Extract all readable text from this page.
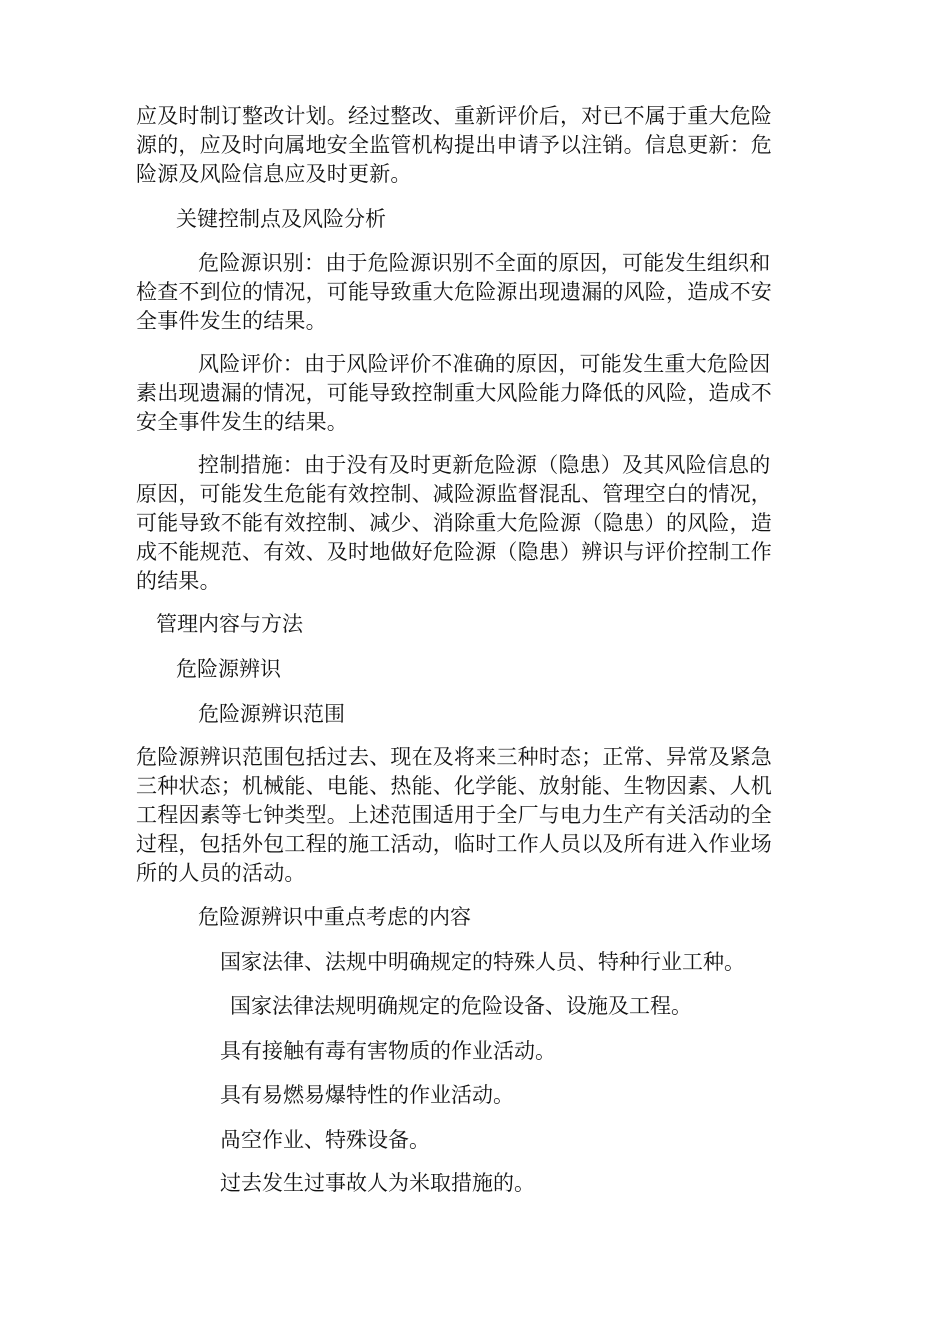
应及时制订整改计划。经过整改、重新评价后，对已不属于重大危险
源的，应及时向属地安全监管机构提出申请予以注销。信息更新：危
险源及风险信息应及时更新。
关键控制点及风险分析
危险源识别：由于危险源识别不全面的原因，可能发生组织和
检查不到位的情况，可能导致重大危险源出现遗漏的风险，造成不安
全事件发生的结果。
风险评价：由于风险评价不准确的原因，可能发生重大危险因
素出现遗漏的情况，可能导致控制重大风险能力降低的风险，造成不
安全事件发生的结果。
控制措施：由于没有及时更新危险源（隐患）及其风险信息的
原因，可能发生危能有效控制、减险源监督混乱、管理空白的情况，
可能导致不能有效控制、减少、消除重大危险源（隐患）的风险，造
成不能规范、有效、及时地做好危险源（隐患）辨识与评价控制工作
的结果。
管理内容与方法
危险源辨识
危险源辨识范围
危险源辨识范围包括过去、现在及将来三种时态；正常、异常及紧急
三种状态；机械能、电能、热能、化学能、放射能、生物因素、人机
工程因素等七钟类型。上述范围适用于全厂与电力生产有关活动的全
过程，包括外包工程的施工活动，临时工作人员以及所有进入作业场
所的人员的活动。
危险源辨识中重点考虑的内容
国家法律、法规中明确规定的特殊人员、特种行业工种。
国家法律法规明确规定的危险设备、设施及工程。
具有接触有毒有害物质的作业活动。
具有易燃易爆特性的作业活动。
咼空作业、特殊设备。
过去发生过事故人为米取措施的。
